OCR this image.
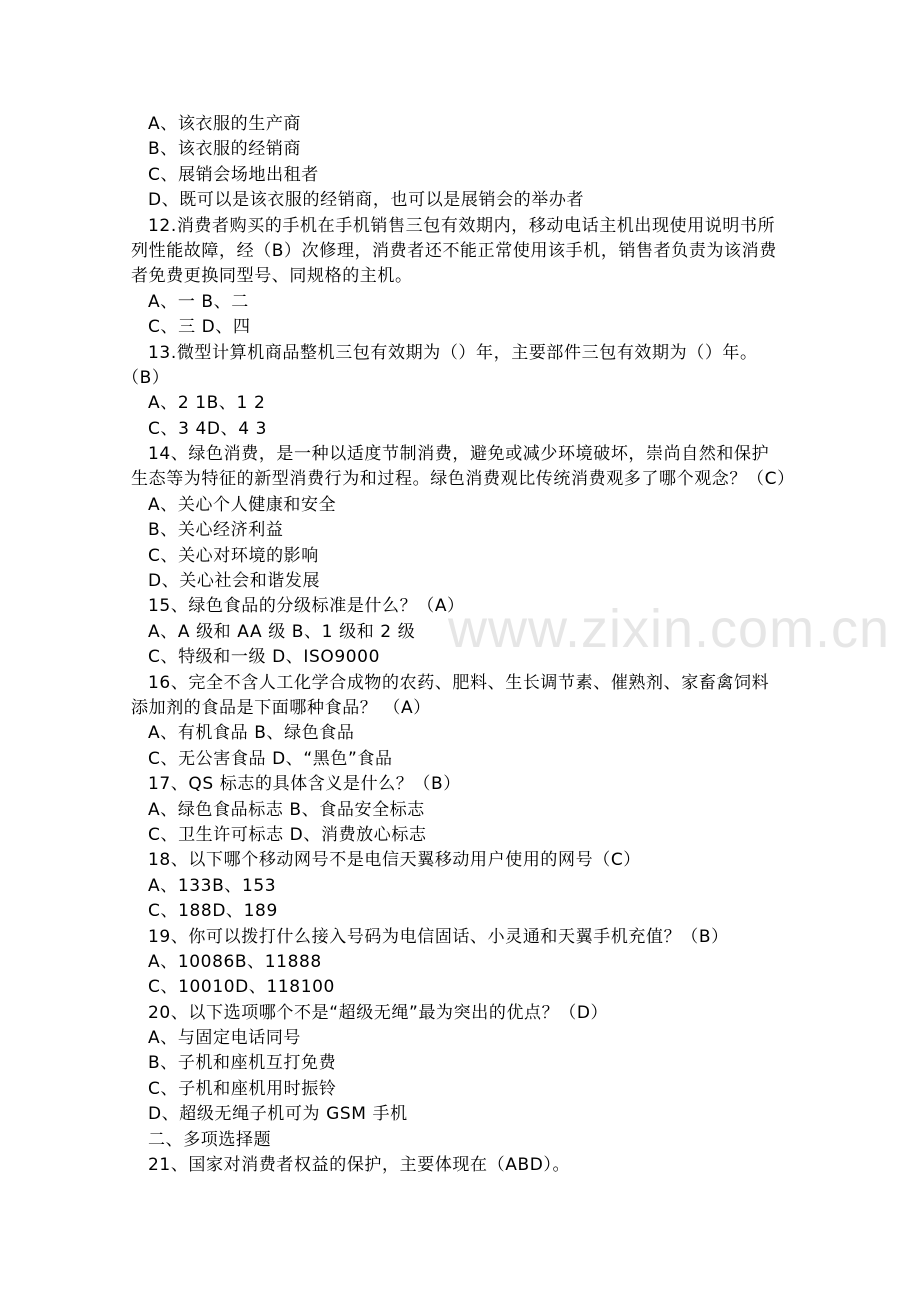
www.zixin.com.cn
A、该衣服的生产商
B、该衣服的经销商
C、展销会场地出租者
D、既可以是该衣服的经销商，也可以是展销会的举办者
12.消费者购买的手机在手机销售三包有效期内，移动电话主机出现使用说明书所
列性能故障，经（B）次修理，消费者还不能正常使用该手机，销售者负责为该消费
者免费更换同型号、同规格的主机。
A、一 B、二
C、三 D、四
13.微型计算机商品整机三包有效期为（）年，主要部件三包有效期为（）年。
（B）
A、2 1B、1 2
C、3 4D、4 3
14、绿色消费，是一种以适度节制消费，避免或减少环境破坏，崇尚自然和保护
生态等为特征的新型消费行为和过程。绿色消费观比传统消费观多了哪个观念？（C）
A、关心个人健康和安全
B、关心经济利益
C、关心对环境的影响
D、关心社会和谐发展
15、绿色食品的分级标准是什么？（A）
A、A 级和 AA 级 B、1 级和 2 级
C、特级和一级 D、ISO9000
16、完全不含人工化学合成物的农药、肥料、生长调节素、催熟剂、家畜禽饲料
添加剂的食品是下面哪种食品？ （A）
A、有机食品 B、绿色食品
C、无公害食品 D、“黑色”食品
17、QS 标志的具体含义是什么？（B）
A、绿色食品标志 B、食品安全标志
C、卫生许可标志 D、消费放心标志
18、以下哪个移动网号不是电信天翼移动用户使用的网号（C）
A、133B、153
C、188D、189
19、你可以拨打什么接入号码为电信固话、小灵通和天翼手机充值？（B）
A、10086B、11888
C、10010D、118100
20、以下选项哪个不是“超级无绳”最为突出的优点？（D）
A、与固定电话同号
B、子机和座机互打免费
C、子机和座机用时振铃
D、超级无绳子机可为 GSM 手机
二、多项选择题
21、国家对消费者权益的保护，主要体现在（ABD）。
